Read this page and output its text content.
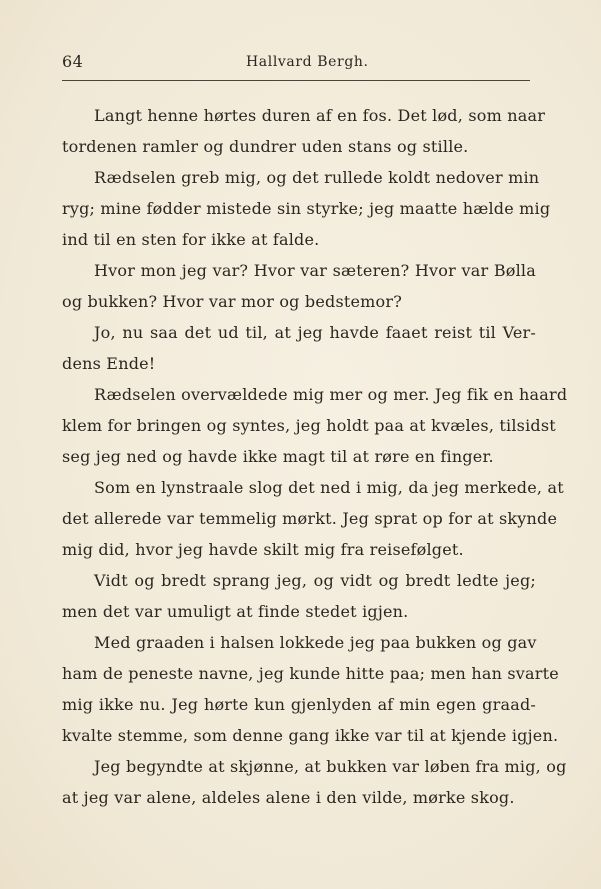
64	Hallvard Bergh.
Langt henne hørtes duren af en fos. Det lød, som naar
tordenen ramler og dundrer uden stans og stille.
Rædselen greb mig, og det rullede koldt nedover min
ryg; mine fødder mistede sin styrke; jeg maatte hælde mig
ind til en sten for ikke at falde.
Hvor mon jeg var? Hvor var sæteren? Hvor var Bølla
og bukken? Hvor var mor og bedstemor?
Jo, nu saa det ud til, at jeg havde faaet reist til Ver-
dens Ende!
Rædselen overvældede mig mer og mer. Jeg fik en haard
klem for bringen og syntes, jeg holdt paa at kvæles, tilsidst
seg jeg ned og havde ikke magt til at røre en finger.
Som en lynstraale slog det ned i mig, da jeg merkede, at
det allerede var temmelig mørkt. Jeg sprat op for at skynde
mig did, hvor jeg havde skilt mig fra reisefølget.
Vidt og bredt sprang jeg, og vidt og bredt ledte jeg;
men det var umuligt at finde stedet igjen.
Med graaden i halsen lokkede jeg paa bukken og gav
ham de peneste navne, jeg kunde hitte paa; men han svarte
mig ikke nu. Jeg hørte kun gjenlyden af min egen graad-
kvalte stemme, som denne gang ikke var til at kjende igjen.
Jeg begyndte at skjønne, at bukken var løben fra mig, og
at jeg var alene, aldeles alene i den vilde, mørke skog.
